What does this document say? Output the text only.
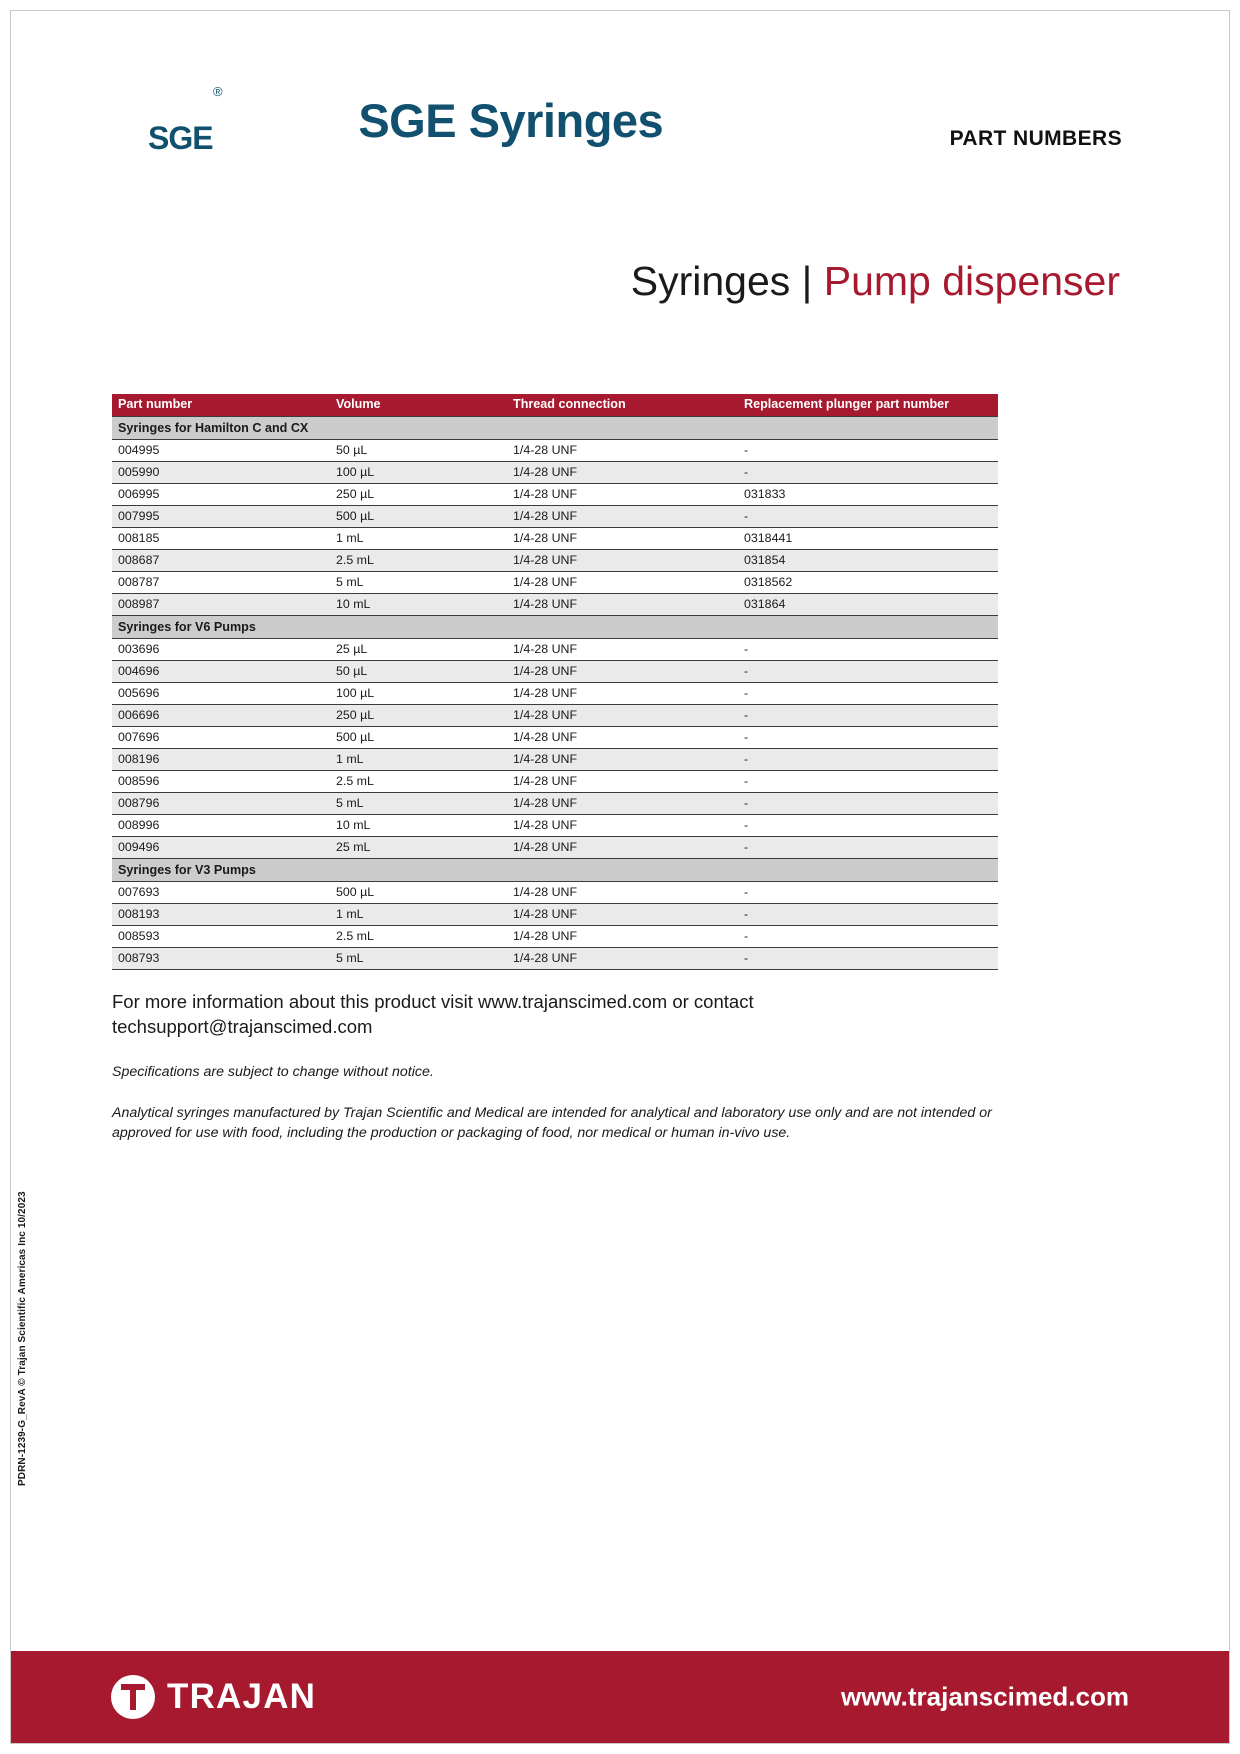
SGE
®
SGE Syringes	PART NUMBERS
Syringes | Pump dispenser
Part number	Volume	Thread connection	Replacement plunger part number
Syringes for Hamilton C and CX			
004995	50 µL	1/4-28 UNF	-
005990	100 µL	1/4-28 UNF	-
006995	250 µL	1/4-28 UNF	031833
007995	500 µL	1/4-28 UNF	-
008185	1 mL	1/4-28 UNF	0318441
008687	2.5 mL	1/4-28 UNF	031854
008787	5 mL	1/4-28 UNF	0318562
008987	10 mL	1/4-28 UNF	031864
Syringes for V6 Pumps			
003696	25 µL	1/4-28 UNF	-
004696	50 µL	1/4-28 UNF	-
005696	100 µL	1/4-28 UNF	-
006696	250 µL	1/4-28 UNF	-
007696	500 µL	1/4-28 UNF	-
008196	1 mL	1/4-28 UNF	-
008596	2.5 mL	1/4-28 UNF	-
008796	5 mL	1/4-28 UNF	-
008996	10 mL	1/4-28 UNF	-
009496	25 mL	1/4-28 UNF	-
Syringes for V3 Pumps			
007693	500 µL	1/4-28 UNF	-
008193	1 mL	1/4-28 UNF	-
008593	2.5 mL	1/4-28 UNF	-
008793	5 mL	1/4-28 UNF	-
For more information about this product visit www.trajanscimed.com or contact techsupport@trajanscimed.com
Specifications are subject to change without notice.
Analytical syringes manufactured by Trajan Scientific and Medical are intended for analytical and laboratory use only and are not intended or approved for use with food, including the production or packaging of food, nor medical or human in-vivo use.
PDRN-1239-G_RevA © Trajan Scientific Americas Inc 10/2023
TRAJAN	www.trajanscimed.com
